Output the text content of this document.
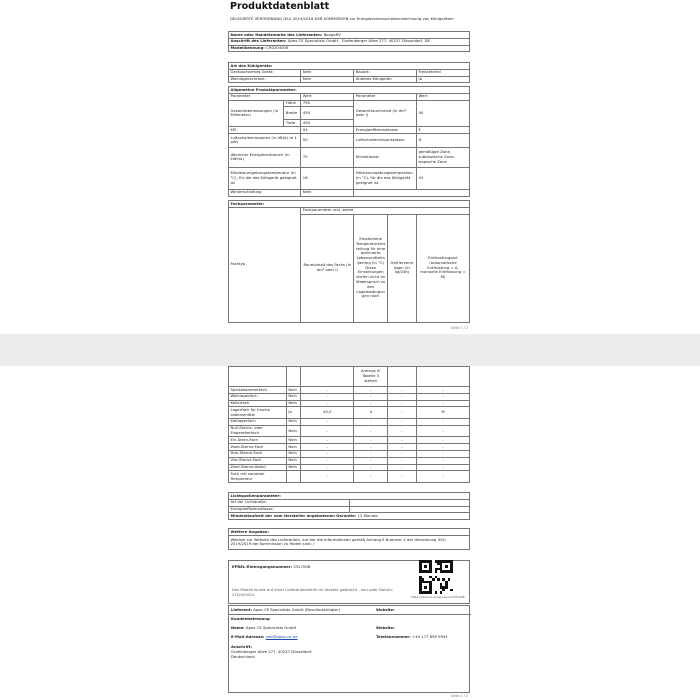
Produktdatenblatt
DELEGIERTE VERORDNUNG (EU) 2019/2016 DER KOMMISSION zur Energieverbrauchskennzeichnung von Kühlgeräten
Name oder Handelsmarke des Lieferanten: BougeRV
Anschrift des Lieferanten: Apex CE Specialists GmbH , Grafenberger Allee 277, 40237 Düsseldorf, DE
Modellkennung: CR0204006
Art des Kühlgeräts:			
Geräuscharmes Gerät:	Nein	Bauart:	Freistehend
Weinlagerschrank:	Nein	Anderes Kühlgerät:	Ja
Allgemeine Produktparameter:				
Parameter		Wert	Parameter	Wert
Gesamtabmessungen (in Millimeter)	Höhe	750	Gesamtrauminhalt (in dm³ oder l)	40
	Breite	450		
	Tiefe	450		
EEI		94	Energieeffizienzklasse	E
Luftschallemissionen (in dB(A) re 1 pW)		50	Luftschallemissionsklasse	D
Jährlicher Energieverbrauch (in kWh/a)		75	Klimaklasse:	gemäßigte Zone, subtropische Zone, tropische Zone
Mindestumgebungstemperatur (in °C), für die das Kühlgerät geeignet ist		16	Höchstumgebungstemperatur (in °C), für die das Kühlgerät geeignet ist	43
Winterschaltung		Nein		
Fachparameter:				
Fachtyp	Fachparameter und -werte			
	Rauminhalt des Fachs (in dm³ oder l)	Empfohlene Temperatureinstellung für eine optimierte Lebensmittellagerung (in °C) Diese Einstellungen dürfen nicht im Widerspruch zu den Lagerbedingungen nach	Gefriervermögen (in kg/24h)	Entfrostungsart (automatische Entfrostung = A, manuelle Entfrostung = M)
Seite 1 / 2
			Anhang IV Tabelle 3 stehen		
Speisekammerfach	Nein	-	-	-	-
Weinlagerfach	Nein	-	-	-	-
Kellerfach	Nein	-	-	-	-
Lagerfach für frische Lebensmittel	Ja	40,0	4	-	M
Kaltlagerfach	Nein	-	-	-	-
Null-Sterne- oder Eisbereiterfach	Nein	-	-	-	-
Ein-Stern-Fach	Nein	-	-	-	-
Zwei-Sterne-Fach	Nein	-	-	-	-
Drei-Sterne-Fach	Nein	-	-	-	-
Vier-Sterne-Fach	Nein	-	-	-	-
Zwei-Sterne-Abteil	Nein	-	-	-	-
Fach mit variabler Temperatur		-	-	-	-
Lichtquellenparameter:	
Art der Lichtquelle:	-
Energieeffizienzklasse:	-
Mindestlaufzeit der vom Hersteller angebotenen Garantie: 12 Monate	
Weitere Angaben:
Weblink zur Website des Lieferanten, auf der die Informationen gemäß Anhang II Nummer 4 der Verordnung (EU) 2019/2019 der Kommission zu finden sind: /
EPREL-Eintragungsnummer: 2317008
Das Modell wurde auf einer Lieferantenstelle im Verkehr gebracht , neu oder Datum: 27/04/2024.	https://eprel.ec.europa.eu/qr/2317008
Lieferant: Apex CE Specialists GmbH (Bevollmächtigter)	Website:
Kundenbetreuung
Name: Apex CE Specialists GmbH	Website:
E-Mail-Adresse: info@apex-ce.de	Telefonnummer: +49 177 699 5991
Anschrift:
Grafenberger Allee 277, 40237 Düsseldorf
Deutschland
Seite 2 / 2
